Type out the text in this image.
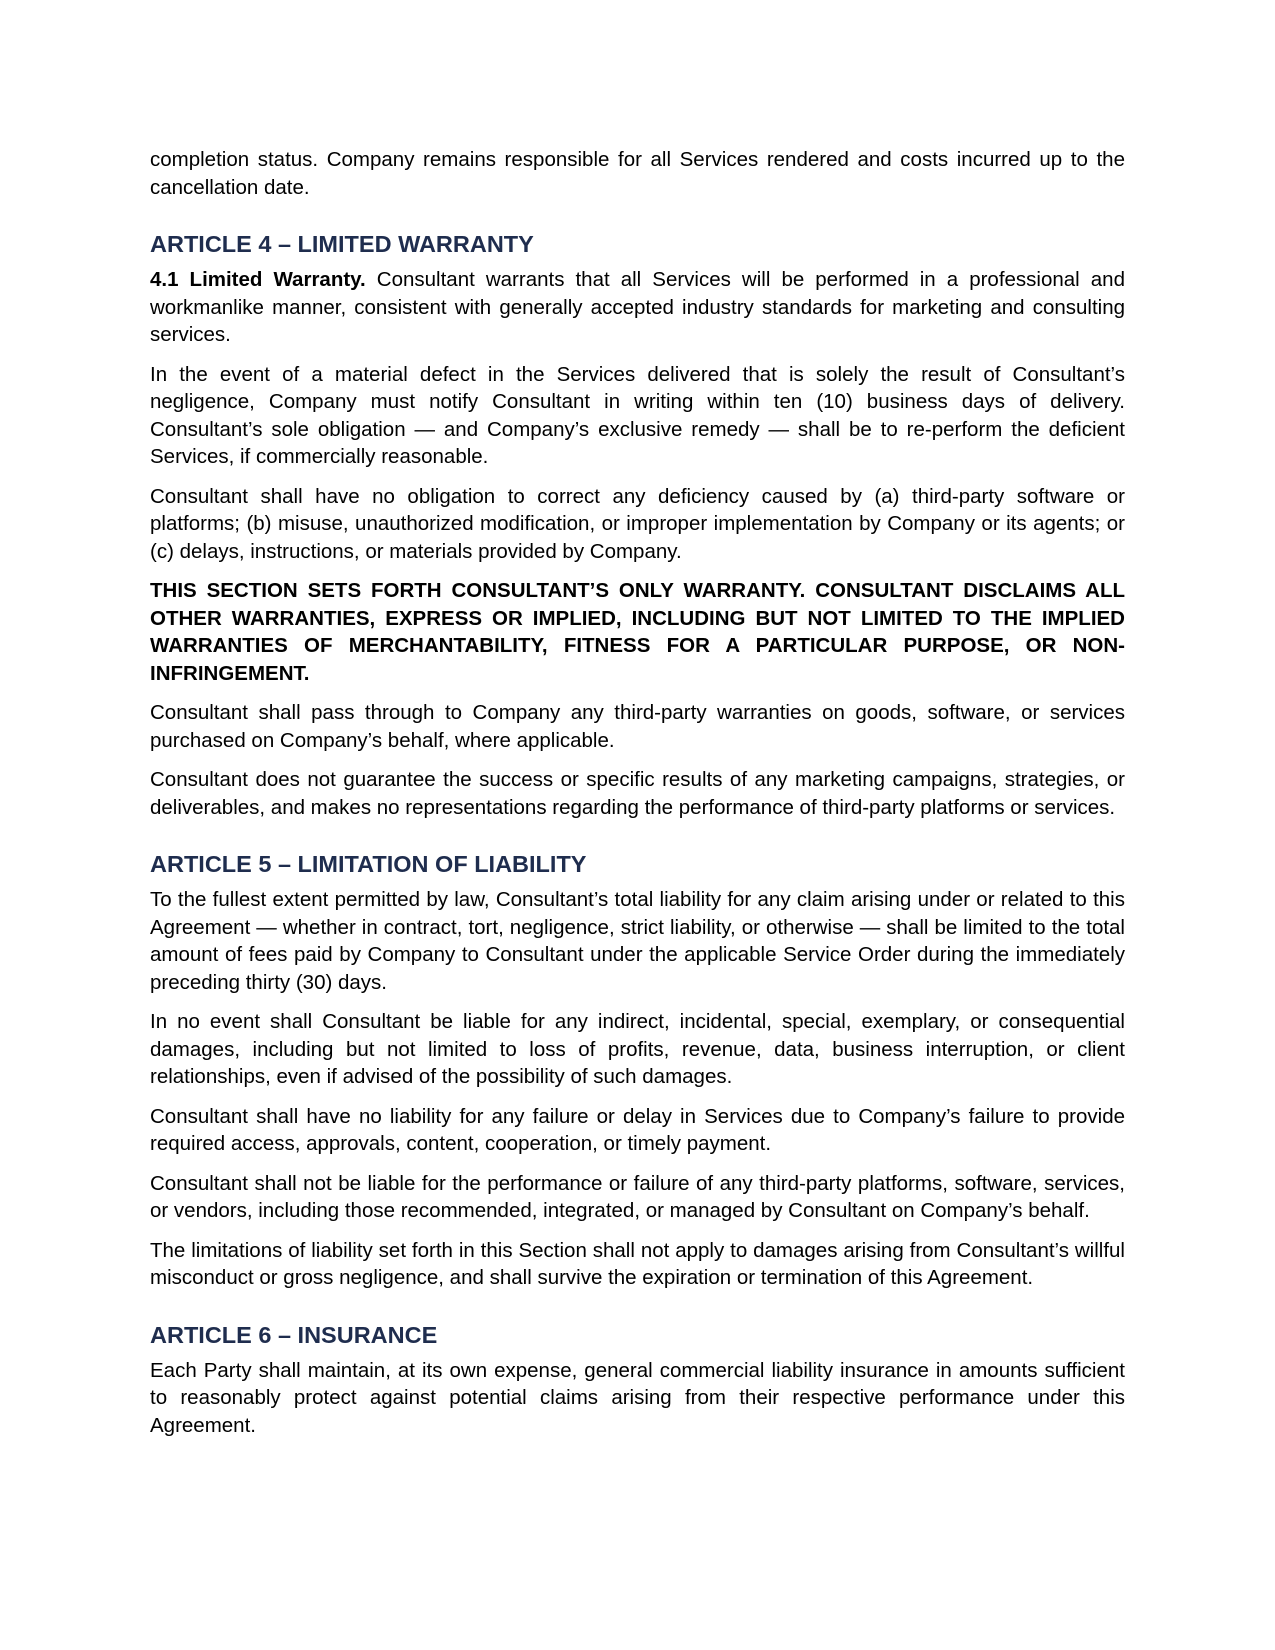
completion status. Company remains responsible for all Services rendered and costs incurred up to the cancellation date.

ARTICLE 4 – LIMITED WARRANTY

4.1 Limited Warranty. Consultant warrants that all Services will be performed in a professional and workmanlike manner, consistent with generally accepted industry standards for marketing and consulting services.

In the event of a material defect in the Services delivered that is solely the result of Consultant’s negligence, Company must notify Consultant in writing within ten (10) business days of delivery. Consultant’s sole obligation — and Company’s exclusive remedy — shall be to re-perform the deficient Services, if commercially reasonable.

Consultant shall have no obligation to correct any deficiency caused by (a) third-party software or platforms; (b) misuse, unauthorized modification, or improper implementation by Company or its agents; or (c) delays, instructions, or materials provided by Company.

THIS SECTION SETS FORTH CONSULTANT’S ONLY WARRANTY. CONSULTANT DISCLAIMS ALL OTHER WARRANTIES, EXPRESS OR IMPLIED, INCLUDING BUT NOT LIMITED TO THE IMPLIED WARRANTIES OF MERCHANTABILITY, FITNESS FOR A PARTICULAR PURPOSE, OR NON-INFRINGEMENT.

Consultant shall pass through to Company any third-party warranties on goods, software, or services purchased on Company’s behalf, where applicable.

Consultant does not guarantee the success or specific results of any marketing campaigns, strategies, or deliverables, and makes no representations regarding the performance of third-party platforms or services.

ARTICLE 5 – LIMITATION OF LIABILITY

To the fullest extent permitted by law, Consultant’s total liability for any claim arising under or related to this Agreement — whether in contract, tort, negligence, strict liability, or otherwise — shall be limited to the total amount of fees paid by Company to Consultant under the applicable Service Order during the immediately preceding thirty (30) days.

In no event shall Consultant be liable for any indirect, incidental, special, exemplary, or consequential damages, including but not limited to loss of profits, revenue, data, business interruption, or client relationships, even if advised of the possibility of such damages.

Consultant shall have no liability for any failure or delay in Services due to Company’s failure to provide required access, approvals, content, cooperation, or timely payment.

Consultant shall not be liable for the performance or failure of any third-party platforms, software, services, or vendors, including those recommended, integrated, or managed by Consultant on Company’s behalf.

The limitations of liability set forth in this Section shall not apply to damages arising from Consultant’s willful misconduct or gross negligence, and shall survive the expiration or termination of this Agreement.

ARTICLE 6 – INSURANCE

Each Party shall maintain, at its own expense, general commercial liability insurance in amounts sufficient to reasonably protect against potential claims arising from their respective performance under this Agreement.
